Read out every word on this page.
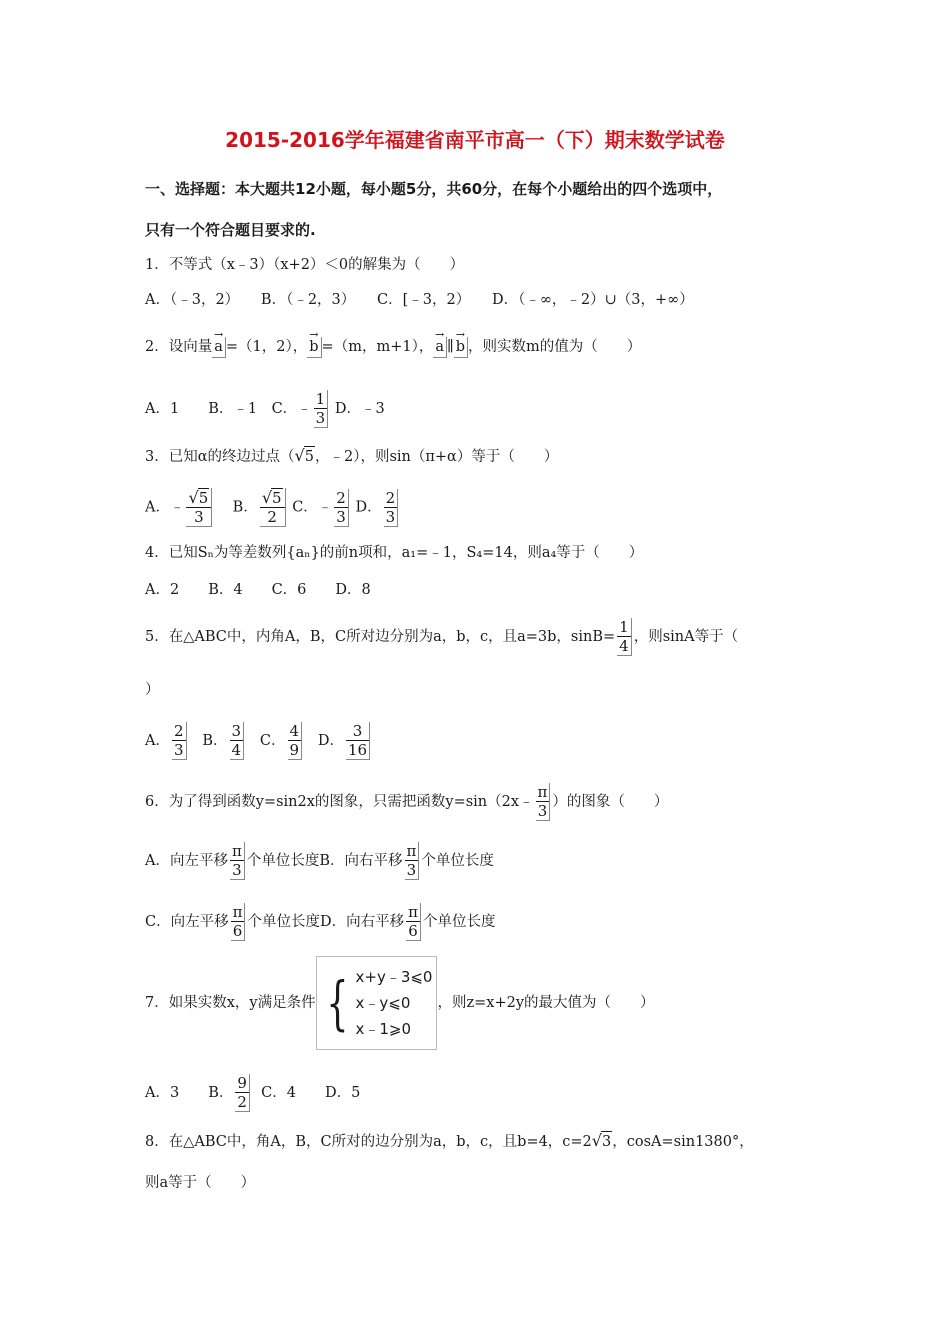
2015-2016学年福建省南平市高一（下）期末数学试卷
一、选择题：本大题共12小题，每小题5分，共60分，在每个小题给出的四个选项中，
只有一个符合题目要求的.
1．不等式（x﹣3）（x+2）＜0的解集为（　　）
A．（﹣3，2）　　B．（﹣2，3）　　C．[﹣3，2）　　D．（﹣∞，﹣2）∪（3，+∞）
2．设向量 → a =（1，2）， → b =（m，m+1）， → a ∥ → b ，则实数m的值为（　　）
A．1　　B．﹣1　C．﹣ $\frac{1}{3}$ D．﹣3
3．已知α的终边过点（√5，﹣2），则sin（π+α）等于（　　）
A．﹣ $\frac{√5}{3}$ B． $\frac{√5}{2}$ C．﹣ $\frac{2}{3}$ D． $\frac{2}{3}$
4．已知Sₙ为等差数列{aₙ}的前n项和，a₁=﹣1，S₄=14，则a₄等于（　　）
A．2　　B．4　　C．6　　D．8
5．在△ABC中，内角A，B，C所对边分别为a，b，c，且a=3b，$\sin B= \frac{1}{4}$ ，则sinA等于（
）
A． $\frac{2}{3}$ B． $\frac{3}{4}$ C． $\frac{4}{9}$ D． $\frac{3}{16}$
6．为了得到函数y=sin2x的图象，只需把函数y=sin（2x﹣ $\frac{\pi}{3}$ ）的图象（　　）
A．向左平移 $\frac{\pi}{3}$ 个单位长度B．向右平移 $\frac{\pi}{3}$ 个单位长度
C．向左平移 $\frac{\pi}{6}$ 个单位长度D．向右平移 $\frac{\pi}{6}$ 个单位长度
7．如果实数x，y满足条件 { x+y﹣3⩽0
x﹣y⩽0
x﹣1⩾0
，则z=x+2y的最大值为（　　）
A．3　　B． $\frac{9}{2}$ C．4　　D．5
8．在△ABC中，角A，B，C所对的边分别为a，b，c，且b=4，c=2√3，cosA=sin1380°，
则a等于（　　）
